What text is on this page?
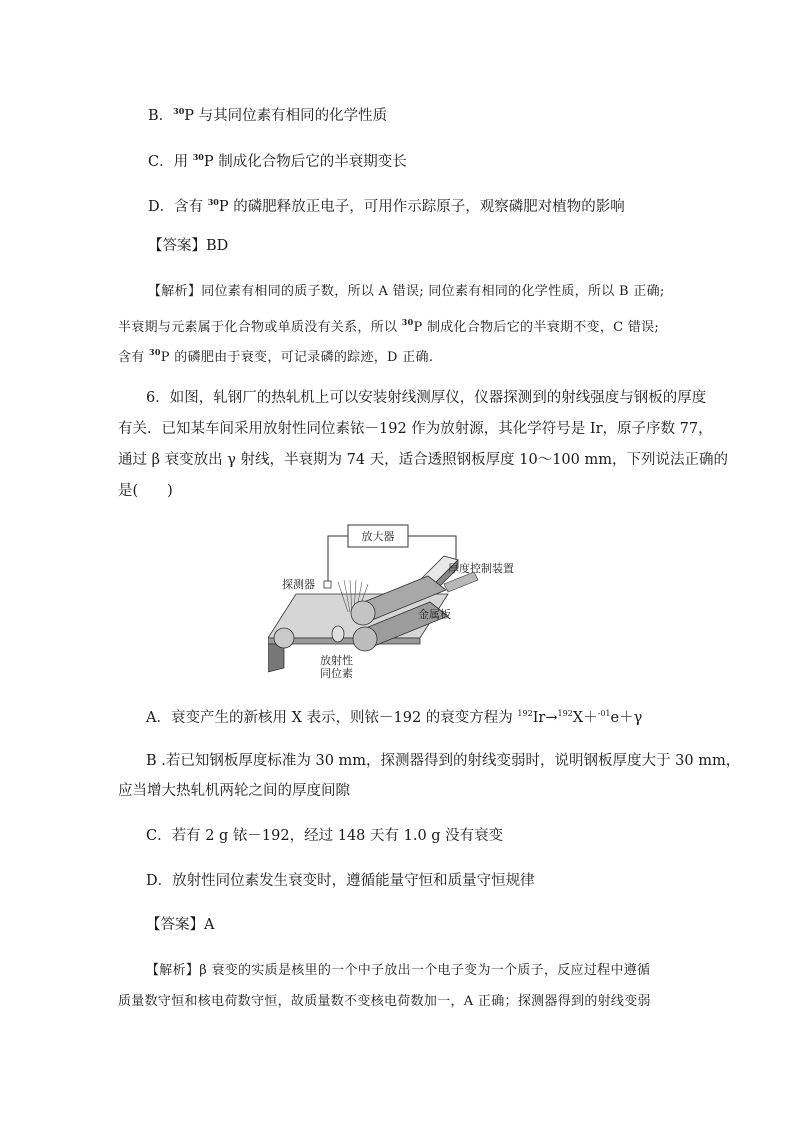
B．$^{30}$P 与其同位素有相同的化学性质
C．用 $^{30}$P 制成化合物后它的半衰期变长
D．含有 $^{30}$P 的磷肥释放正电子，可用作示踪原子，观察磷肥对植物的影响
【答案】BD
【解析】同位素有相同的质子数，所以 A 错误; 同位素有相同的化学性质，所以 B 正确;
半衰期与元素属于化合物或单质没有关系，所以 $^{30}$P 制成化合物后它的半衰期不变，C 错误;
含有 $^{30}$P 的磷肥由于衰变，可记录磷的踪迹，D 正确.
6．如图，轧钢厂的热轧机上可以安装射线测厚仪，仪器探测到的射线强度与钢板的厚度
有关．已知某车间采用放射性同位素铱－192 作为放射源，其化学符号是 Ir，原子序数 77，
通过 β 衰变放出 γ 射线，半衰期为 74 天，适合透照钢板厚度 10～100 mm，下列说法正确的
是(　　)
放大器
厚度控制装置
探测器
金属板
放射性
同位素
A．衰变产生的新核用 X 表示，则铱－192 的衰变方程为 $^{192}$Ir→$^{192}$X＋$^{-01}$e＋γ
B .若已知钢板厚度标准为 30 mm，探测器得到的射线变弱时，说明钢板厚度大于 30 mm，
应当增大热轧机两轮之间的厚度间隙
C．若有 2 g 铱－192，经过 148 天有 1.0 g 没有衰变
D．放射性同位素发生衰变时，遵循能量守恒和质量守恒规律
【答案】A
【解析】β 衰变的实质是核里的一个中子放出一个电子变为一个质子，反应过程中遵循
质量数守恒和核电荷数守恒，故质量数不变核电荷数加一，A 正确；探测器得到的射线变弱
